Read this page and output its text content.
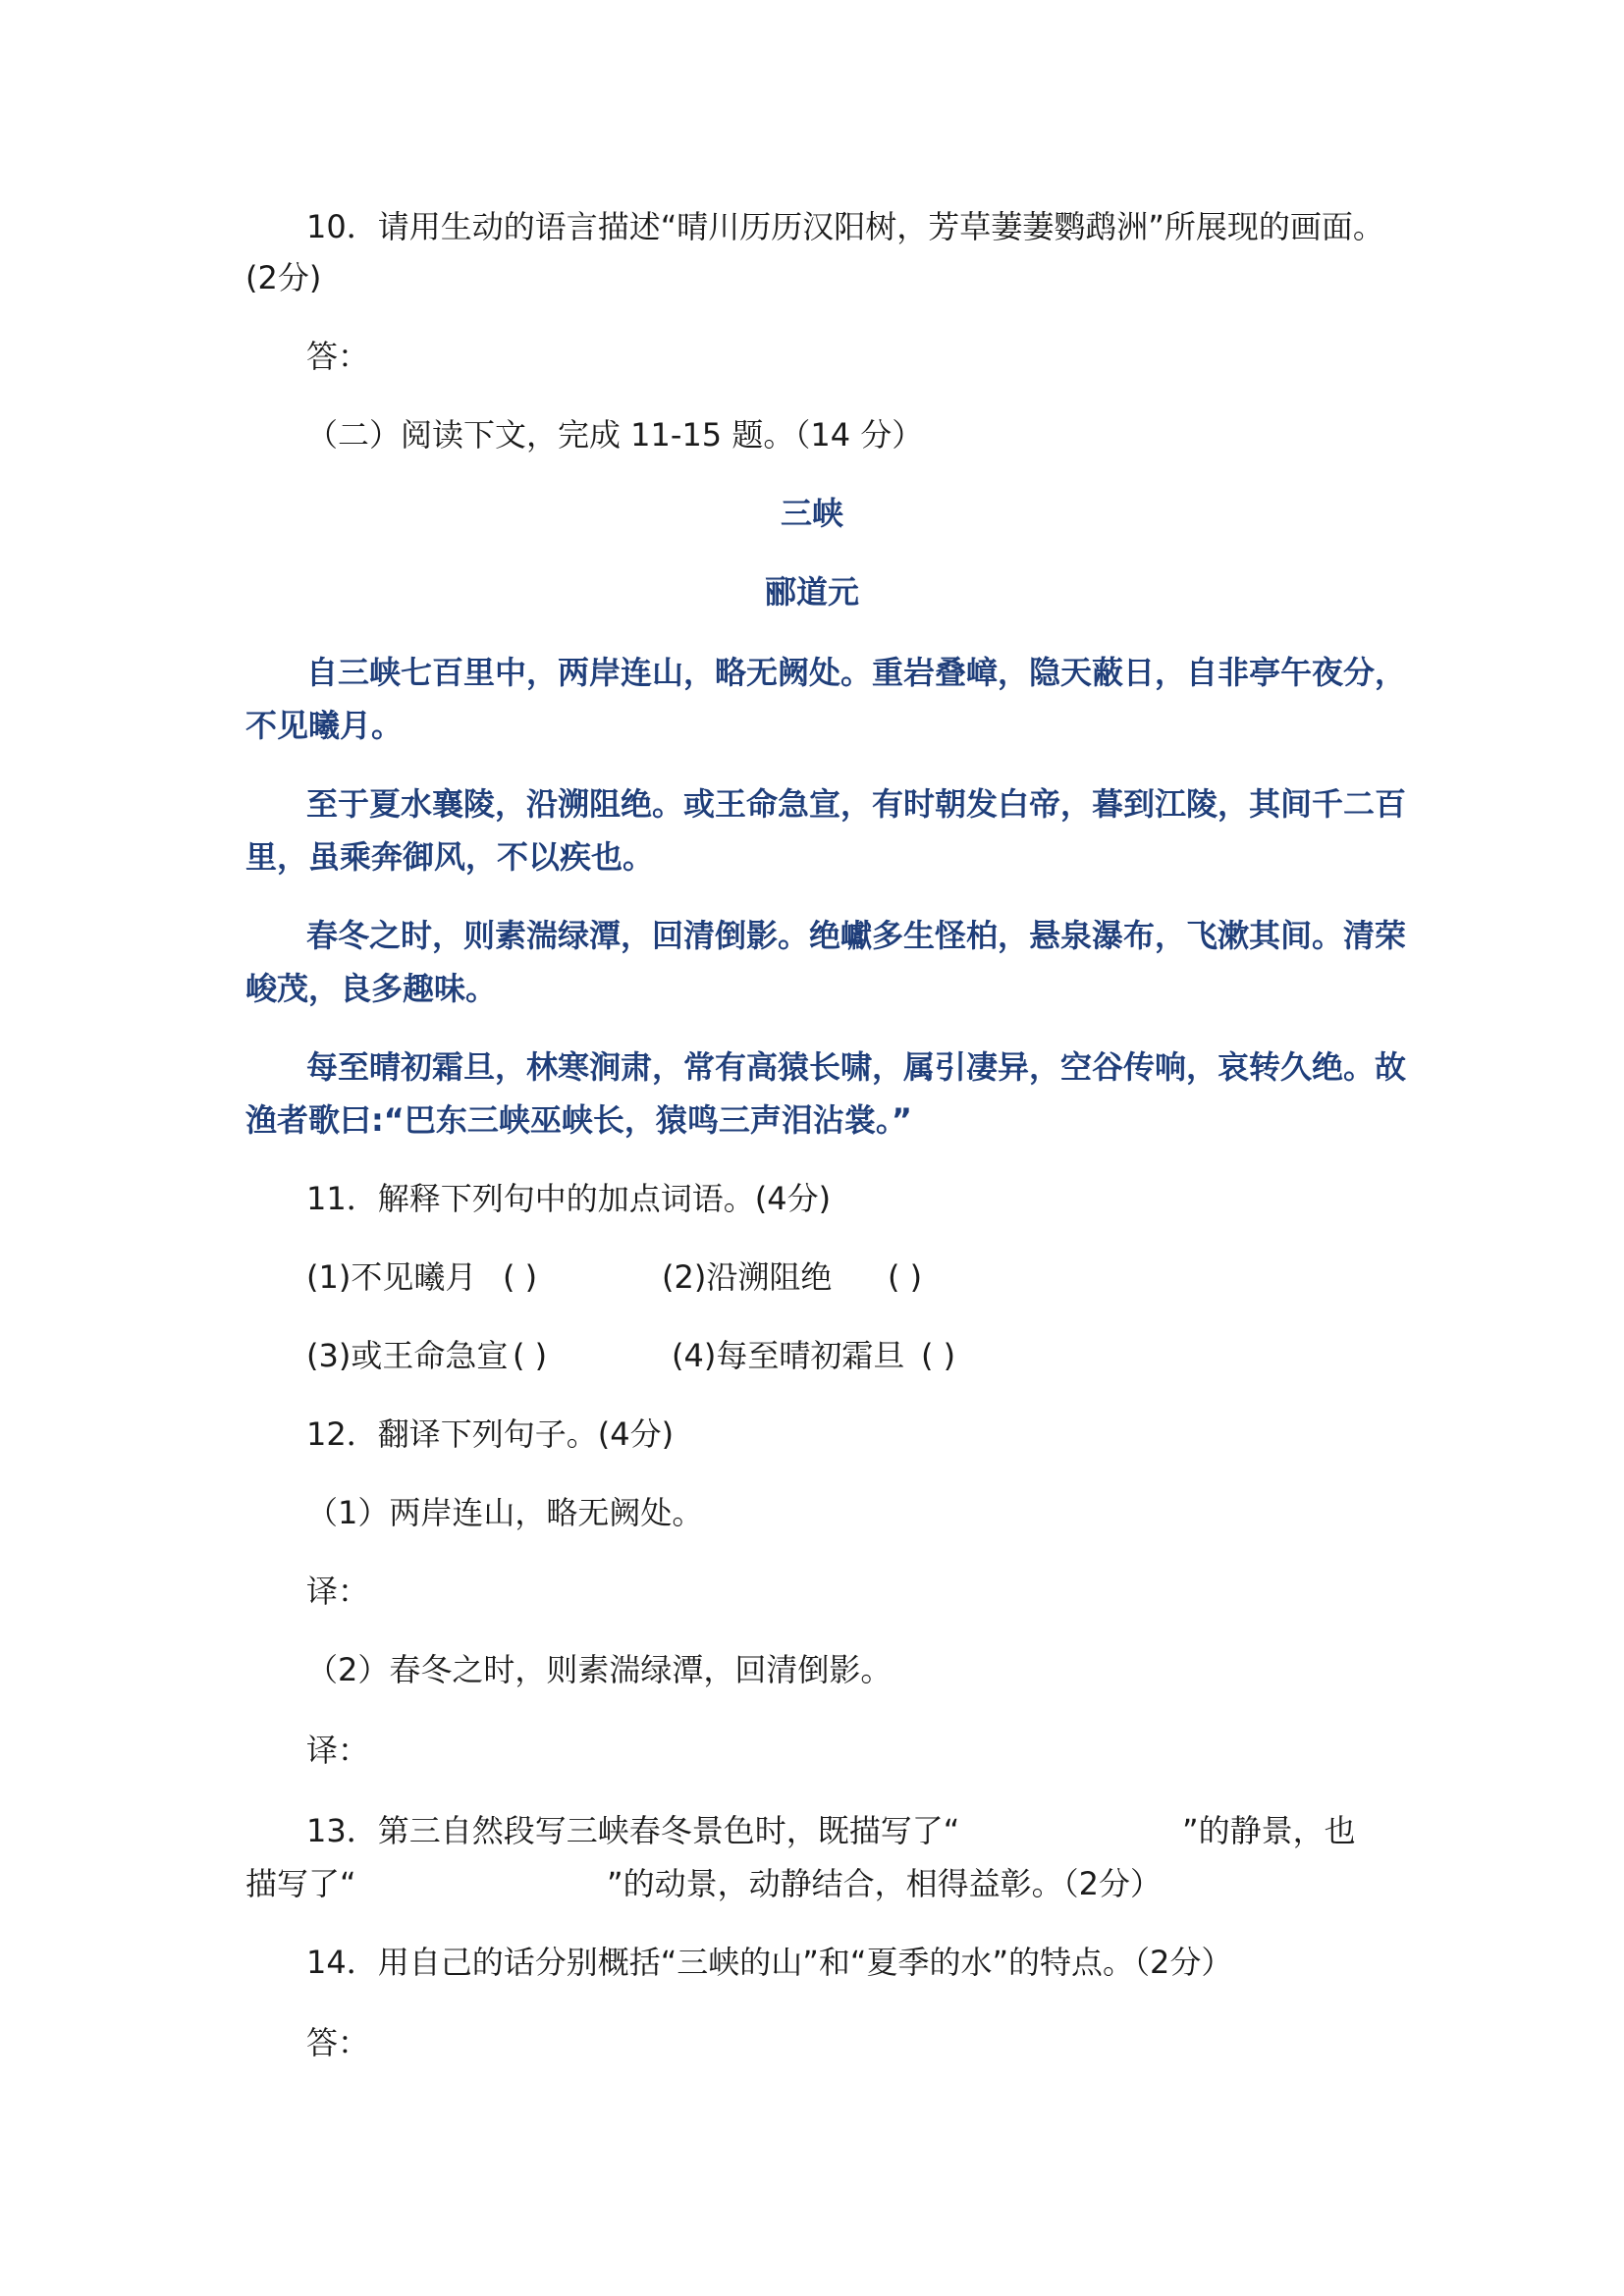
10．请用生动的语言描述“晴川历历汉阳树，芳草萋萋鹦鹉洲”所展现的画面。
(2分)
答：
（二）阅读下文，完成 11-15 题。（14 分）
三峡
郦道元
自三峡七百里中，两岸连山，略无阙处。重岩叠嶂，隐天蔽日，自非亭午夜分，
不见曦月。
至于夏水襄陵，沿溯阻绝。或王命急宣，有时朝发白帝，暮到江陵，其间千二百
里，虽乘奔御风，不以疾也。
春冬之时，则素湍绿潭，回清倒影。绝巘多生怪柏，悬泉瀑布，飞漱其间。清荣
峻茂，良多趣味。
每至晴初霜旦，林寒涧肃，常有高猿长啸，属引凄异，空谷传响，哀转久绝。故
渔者歌曰:“巴东三峡巫峡长，猿鸣三声泪沾裳。”
11．解释下列句中的加点词语。(4分)
(1)不见曦月 ( )	(2)沿溯阻绝 ( )
(3)或王命急宣 ( )	(4)每至晴初霜旦 ( )
12．翻译下列句子。(4分)
（1）两岸连山，略无阙处。
译：
（2）春冬之时，则素湍绿潭，回清倒影。
译：
13．第三自然段写三峡春冬景色时，既描写了“	”的静景，也
描写了“	”的动景，动静结合，相得益彰。（2分）
14．用自己的话分别概括“三峡的山”和“夏季的水”的特点。（2分）
答：
